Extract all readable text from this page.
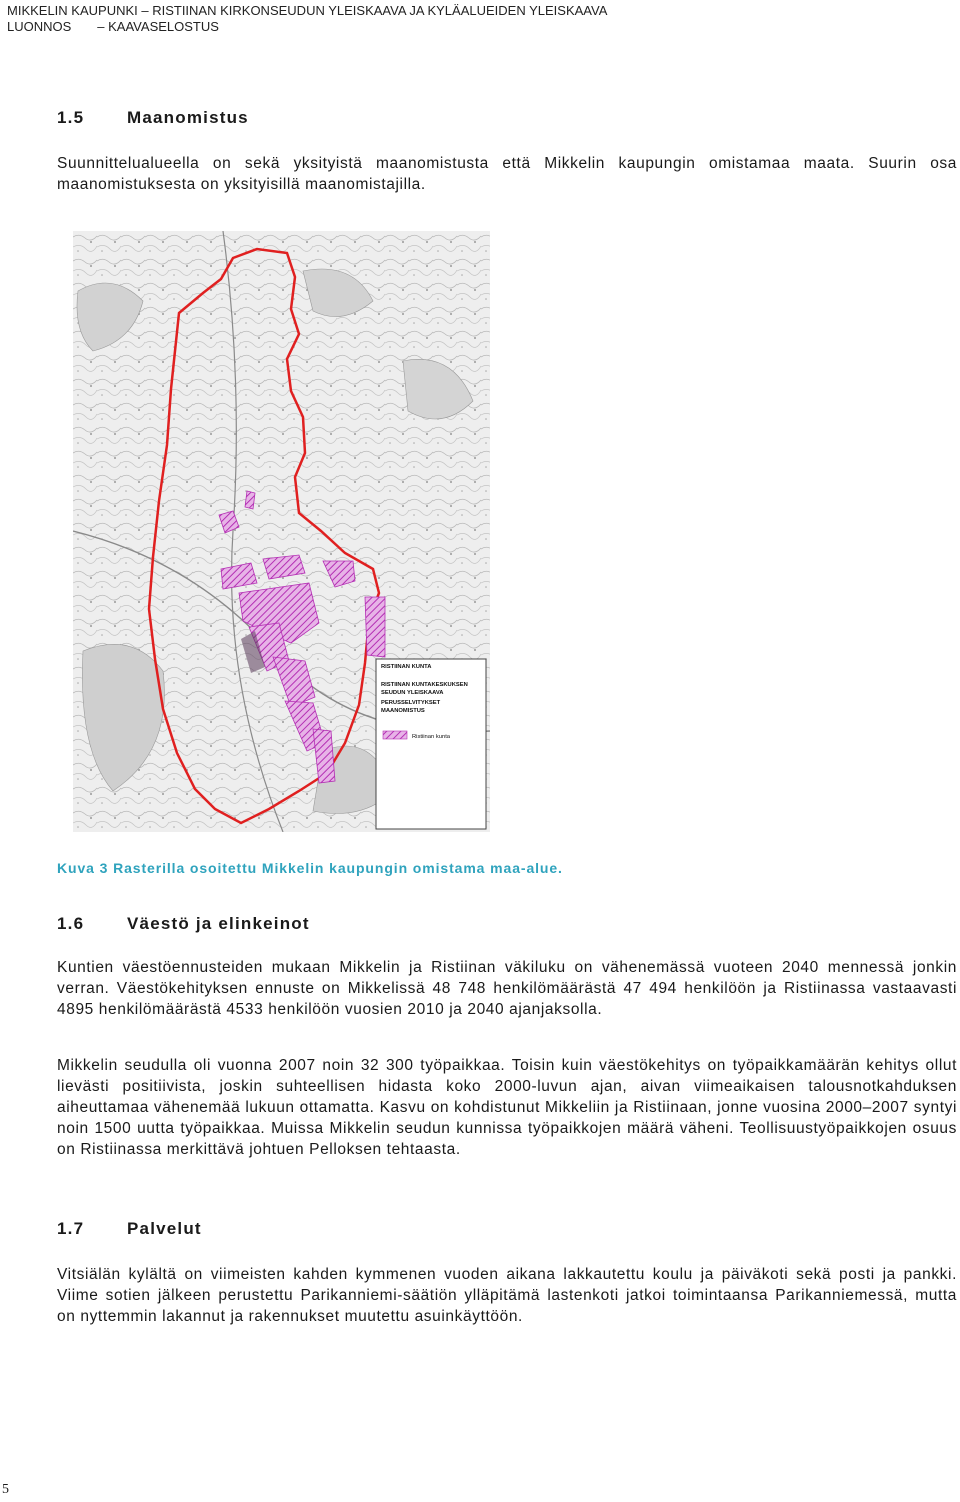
MIKKELIN KAUPUNKI – RISTIINAN KIRKONSEUDUN YLEISKAAVA JA KYLÄALUEIDEN YLEISKAAVA
LUONNOS – KAAVASELOSTUS
1.5	Maanomistus

Suunnittelualueella on sekä yksityistä maanomistusta että Mikkelin kaupungin omistamaa maata. Suurin osa maanomistuksesta on yksityisillä maanomistajilla.

RISTIINAN KUNTA
RISTIINAN KUNTAKESKUKSEN
SEUDUN YLEISKAAVA
PERUSSELVITYKSET
MAANOMISTUS
Ristiinan kunta
Kuva 3 Rasterilla osoitettu Mikkelin kaupungin omistama maa-alue.
1.6	Väestö ja elinkeinot

Kuntien väestöennusteiden mukaan Mikkelin ja Ristiinan väkiluku on vähenemässä vuoteen 2040 mennessä jonkin verran. Väestökehityksen ennuste on Mikkelissä 48 748 henkilömäärästä 47 494 henkilöön ja Ristiinassa vastaavasti 4895 henkilömäärästä 4533 henkilöön vuosien 2010 ja 2040 ajanjaksolla.

Mikkelin seudulla oli vuonna 2007 noin 32 300 työpaikkaa. Toisin kuin väestökehitys on työpaikkamäärän kehitys ollut lievästi positiivista, joskin suhteellisen hidasta koko 2000-luvun ajan, aivan viimeaikaisen talousnotkahduksen aiheuttamaa vähenemää lukuun ottamatta. Kasvu on kohdistunut Mikkeliin ja Ristiinaan, jonne vuosina 2000–2007 syntyi noin 1500 uutta työpaikkaa. Muissa Mikkelin seudun kunnissa työpaikkojen määrä väheni. Teollisuustyöpaikkojen osuus on Ristiinassa merkittävä johtuen Pelloksen tehtaasta.

1.7	Palvelut

Vitsiälän kylältä on viimeisten kahden kymmenen vuoden aikana lakkautettu koulu ja päiväkoti sekä posti ja pankki. Viime sotien jälkeen perustettu Parikanniemi-säätiön ylläpitämä lastenkoti jatkoi toimintaansa Parikanniemessä, mutta on nyttemmin lakannut ja rakennukset muutettu asuinkäyttöön.

5
